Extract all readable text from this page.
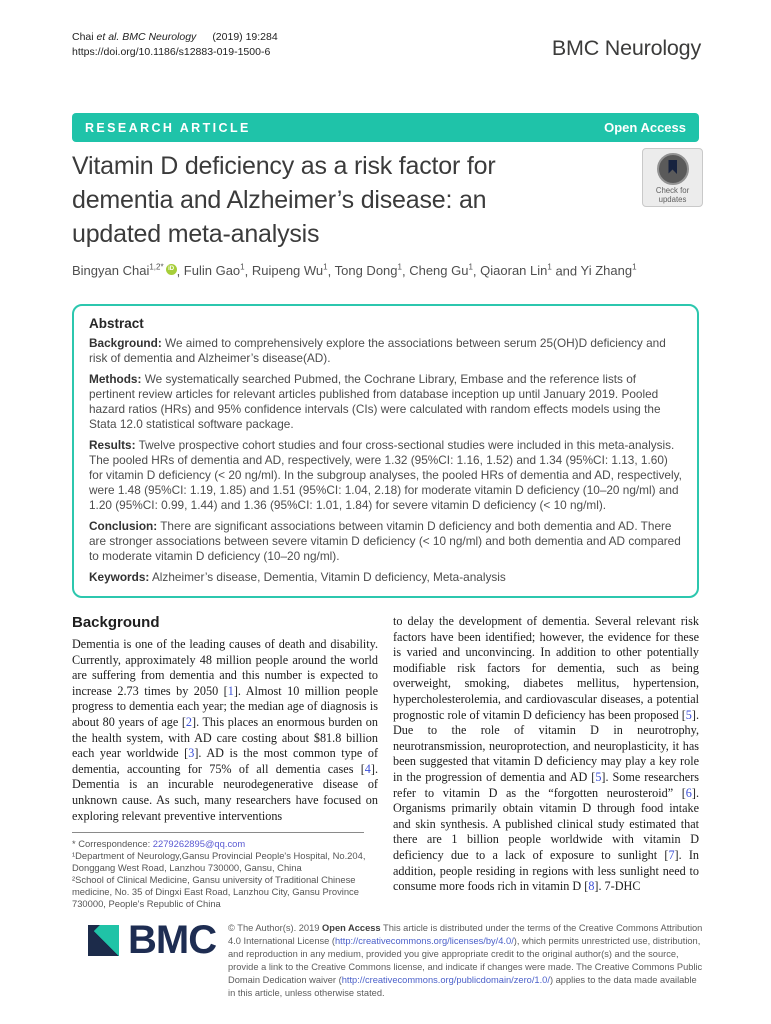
Chai et al. BMC Neurology (2019) 19:284
https://doi.org/10.1186/s12883-019-1500-6	BMC Neurology
RESEARCH ARTICLE	Open Access
Vitamin D deficiency as a risk factor for
dementia and Alzheimer’s disease: an
updated meta-analysis
Check for
updates
Bingyan Chai$^{1,2*}$ iD , Fulin Gao$^1$, Ruipeng Wu$^1$, Tong Dong$^1$, Cheng Gu$^1$, Qiaoran Lin$^1$ and Yi Zhang$^1$
Abstract

Background: We aimed to comprehensively explore the associations between serum 25(OH)D deficiency and risk of dementia and Alzheimer’s disease(AD).

Methods: We systematically searched Pubmed, the Cochrane Library, Embase and the reference lists of pertinent review articles for relevant articles published from database inception up until January 2019. Pooled hazard ratios (HRs) and 95% confidence intervals (CIs) were calculated with random effects models using the Stata 12.0 statistical software package.

Results: Twelve prospective cohort studies and four cross-sectional studies were included in this meta-analysis. The pooled HRs of dementia and AD, respectively, were 1.32 (95%CI: 1.16, 1.52) and 1.34 (95%CI: 1.13, 1.60) for vitamin D deficiency (< 20 ng/ml). In the subgroup analyses, the pooled HRs of dementia and AD, respectively, were 1.48 (95%CI: 1.19, 1.85) and 1.51 (95%CI: 1.04, 2.18) for moderate vitamin D deficiency (10–20 ng/ml) and 1.20 (95%CI: 0.99, 1.44) and 1.36 (95%CI: 1.01, 1.84) for severe vitamin D deficiency (< 10 ng/ml).

Conclusion: There are significant associations between vitamin D deficiency and both dementia and AD. There are stronger associations between severe vitamin D deficiency (< 10 ng/ml) and both dementia and AD compared to moderate vitamin D deficiency (10–20 ng/ml).

Keywords: Alzheimer’s disease, Dementia, Vitamin D deficiency, Meta-analysis

Background

Dementia is one of the leading causes of death and disability. Currently, approximately 48 million people around the world are suffering from dementia and this number is expected to increase 2.73 times by 2050 [1]. Almost 10 million people progress to dementia each year; the median age of diagnosis is about 80 years of age [2]. This places an enormous burden on the health system, with AD care costing about $81.8 billion each year worldwide [3]. AD is the most common type of dementia, accounting for 75% of all dementia cases [4]. Dementia is an incurable neurodegenerative disease of unknown cause. As such, many researchers have focused on exploring relevant preventive interventions

* Correspondence: 2279262895@qq.com
¹Department of Neurology,Gansu Provincial People's Hospital, No.204, Donggang West Road, Lanzhou 730000, Gansu, China
²School of Clinical Medicine, Gansu university of Traditional Chinese medicine, No. 35 of Dingxi East Road, Lanzhou City, Gansu Province 730000, People's Republic of China

to delay the development of dementia. Several relevant risk factors have been identified; however, the evidence for these is varied and unconvincing. In addition to other potentially modifiable risk factors for dementia, such as being overweight, smoking, diabetes mellitus, hypertension, hypercholesterolemia, and cardiovascular diseases, a potential prognostic role of vitamin D deficiency has been proposed [5]. Due to the role of vitamin D in neurotrophy, neurotransmission, neuroprotection, and neuroplasticity, it has been suggested that vitamin D deficiency may play a key role in the progression of dementia and AD [5]. Some researchers refer to vitamin D as the “forgotten neurosteroid” [6]. Organisms primarily obtain vitamin D through food intake and skin synthesis. A published clinical study estimated that there are 1 billion people worldwide with vitamin D deficiency due to a lack of exposure to sunlight [7]. In addition, people residing in regions with less sunlight need to consume more foods rich in vitamin D [8]. 7-DHC

BMC © The Author(s). 2019 Open Access This article is distributed under the terms of the Creative Commons Attribution 4.0 International License (http://creativecommons.org/licenses/by/4.0/), which permits unrestricted use, distribution, and reproduction in any medium, provided you give appropriate credit to the original author(s) and the source, provide a link to the Creative Commons license, and indicate if changes were made. The Creative Commons Public Domain Dedication waiver (http://creativecommons.org/publicdomain/zero/1.0/) applies to the data made available in this article, unless otherwise stated.
